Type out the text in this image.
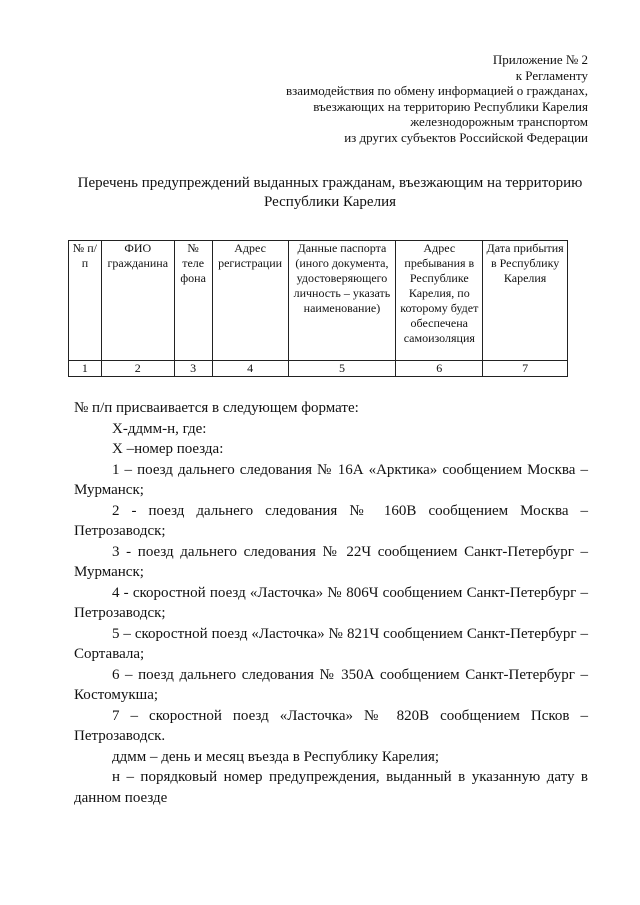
Приложение № 2
к Регламенту
взаимодействия по обмену информацией о гражданах,
въезжающих на территорию Республики Карелия
железнодорожным транспортом
из других субъектов Российской Федерации
Перечень предупреждений выданных гражданам, въезжающим на территорию
Республики Карелия
№ п/п	ФИО гражданина	№ теле фона	Адрес регистрации	Данные паспорта (иного документа, удостоверяющего личность – указать наименование)	Адрес пребывания в Республике Карелия, по которому будет обеспечена самоизоляция	Дата прибытия в Республику Карелия
1	2	3	4	5	6	7

№ п/п присваивается в следующем формате:

Х-ддмм-н, где:

Х –номер поезда:

1 – поезд дальнего следования № 16А «Арктика» сообщением Москва – Мурманск;

2 - поезд дальнего следования № 160В сообщением Москва – Петрозаводск;

3 - поезд дальнего следования № 22Ч сообщением Санкт-Петербург – Мурманск;

4 - скоростной поезд «Ласточка» № 806Ч сообщением Санкт-Петербург – Петрозаводск;

5 – скоростной поезд «Ласточка» № 821Ч сообщением Санкт-Петербург – Сортавала;

6 – поезд дальнего следования № 350А сообщением Санкт-Петербург – Костомукша;

7 – скоростной поезд «Ласточка» № 820В сообщением Псков – Петрозаводск.

ддмм – день и месяц въезда в Республику Карелия;

н – порядковый номер предупреждения, выданный в указанную дату в данном поезде
